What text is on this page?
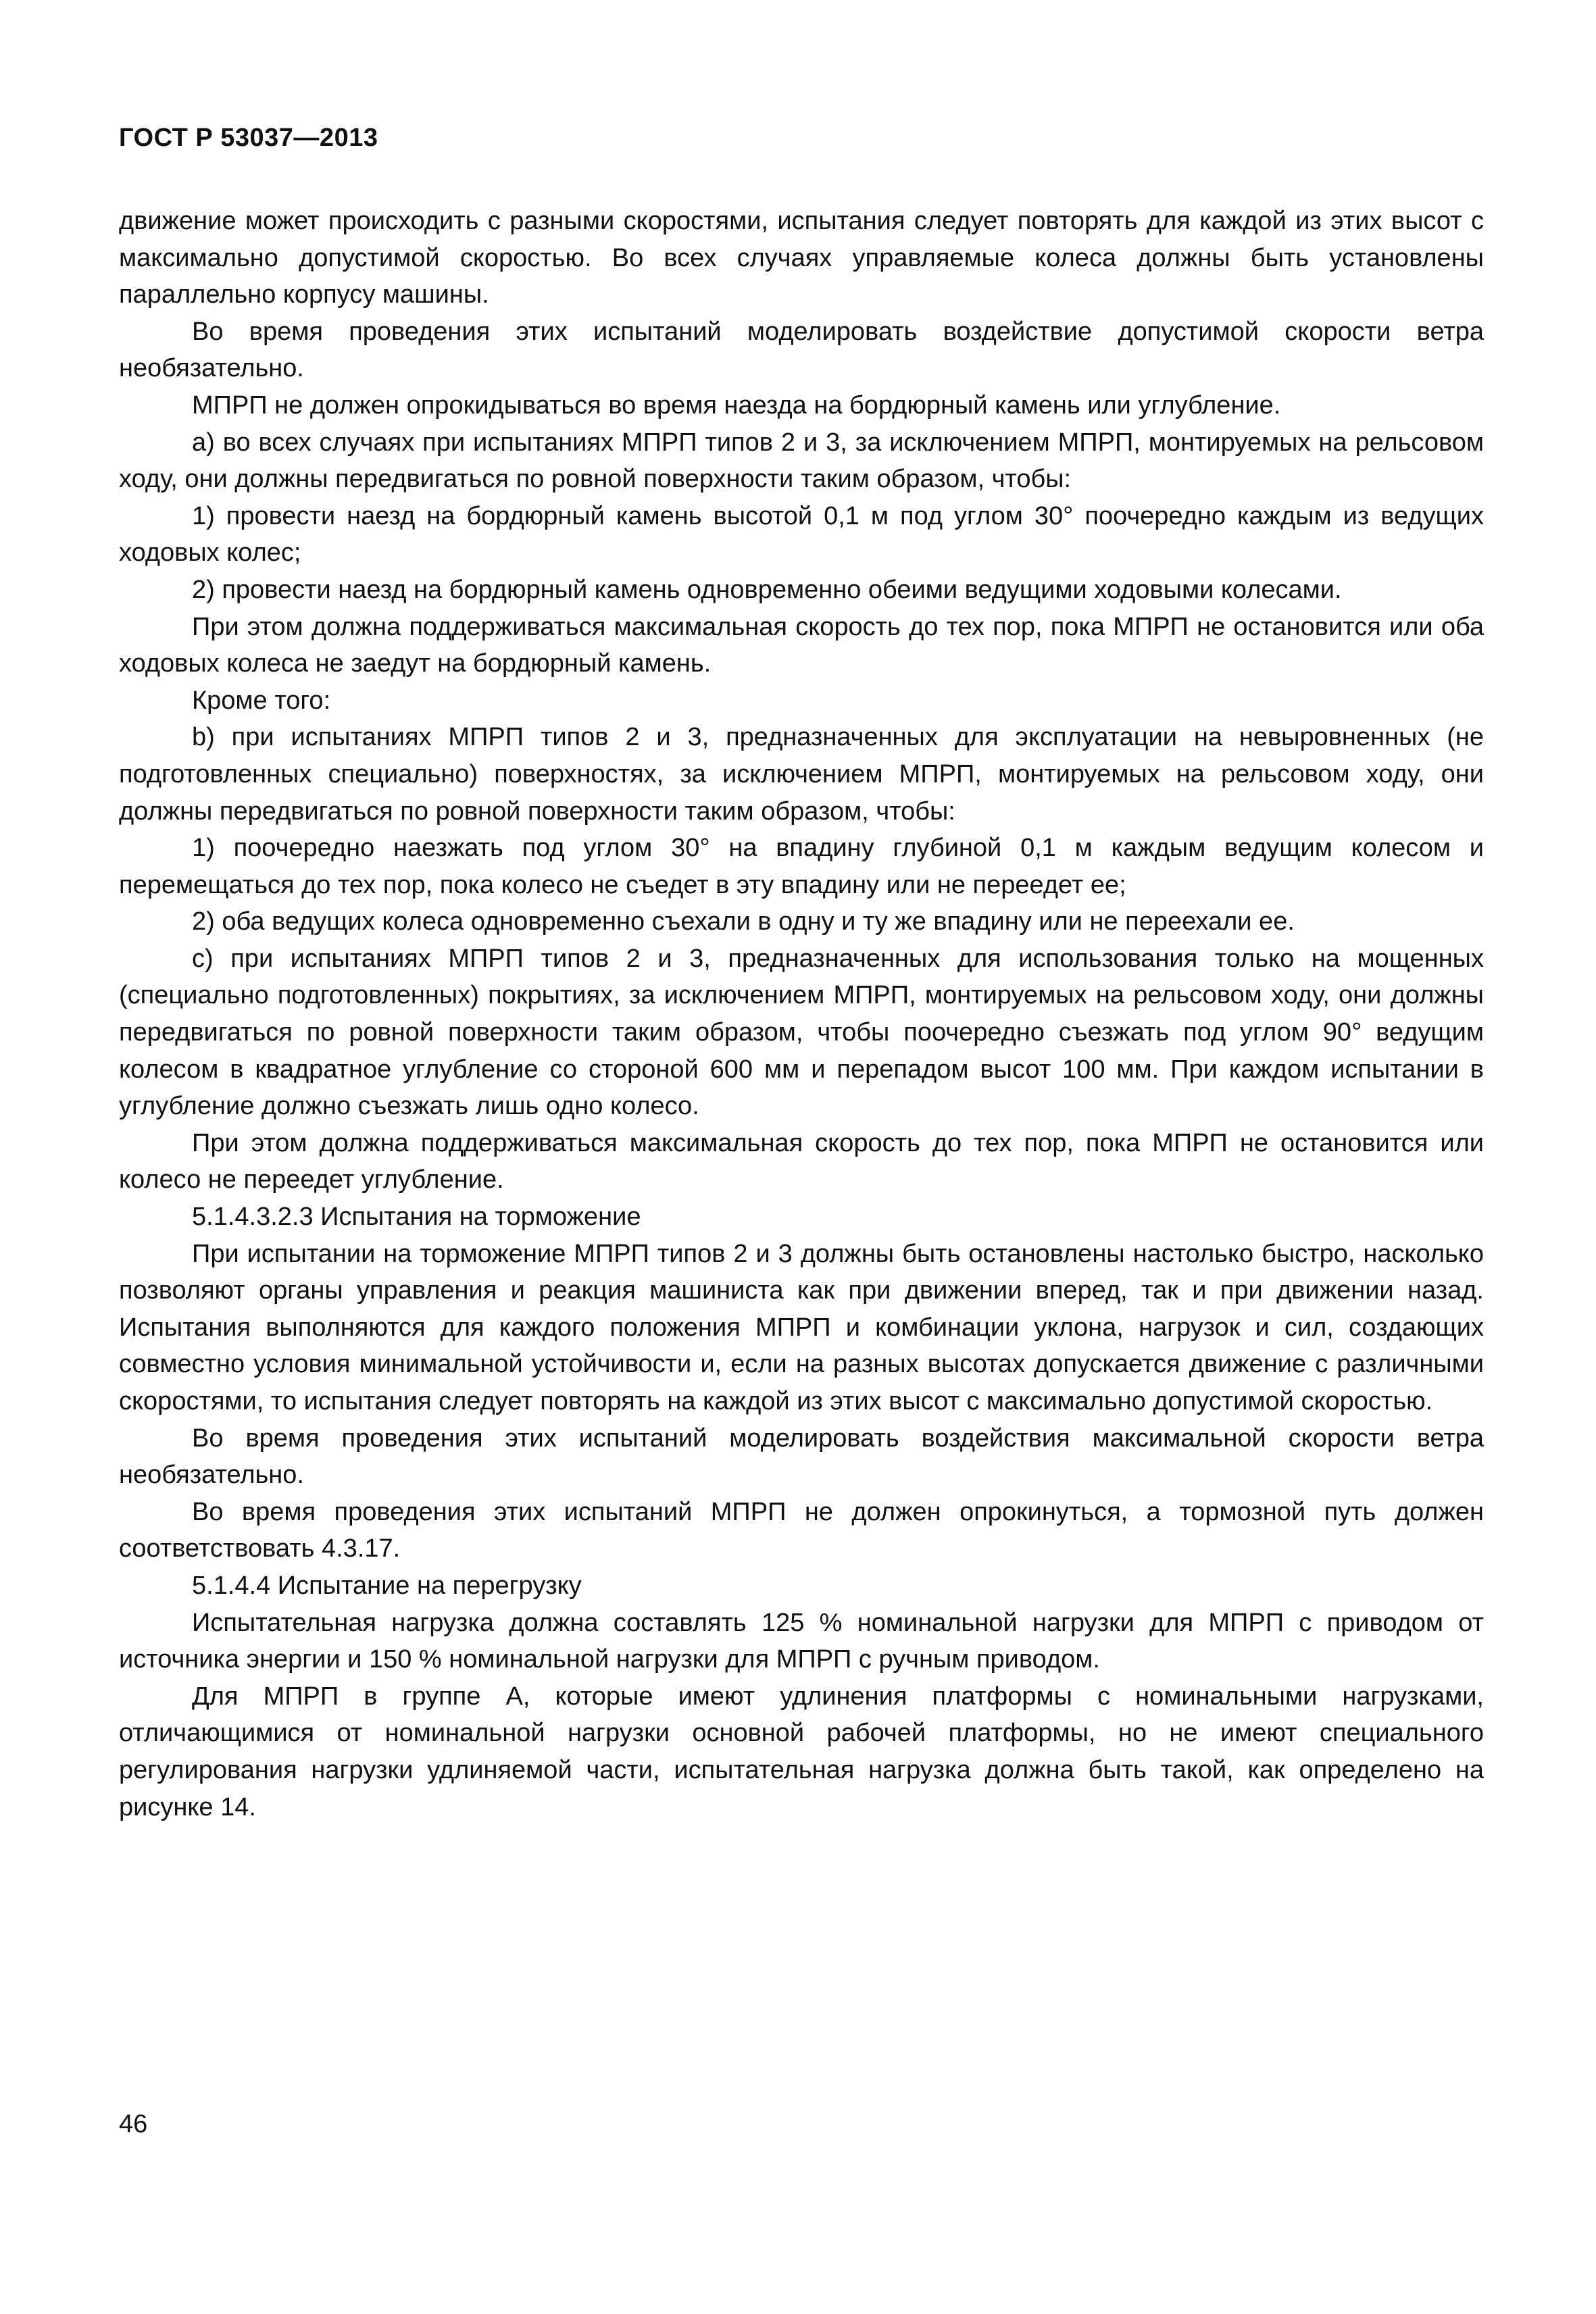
ГОСТ Р 53037—2013

движение может происходить с разными скоростями, испытания следует повторять для каждой из этих высот с максимально допустимой скоростью. Во всех случаях управляемые колеса должны быть установлены параллельно корпусу машины.

Во время проведения этих испытаний моделировать воздействие допустимой скорости ветра необязательно.

МПРП не должен опрокидываться во время наезда на бордюрный камень или углубление.

а) во всех случаях при испытаниях МПРП типов 2 и 3, за исключением МПРП, монтируемых на рельсовом ходу, они должны передвигаться по ровной поверхности таким образом, чтобы:

1) провести наезд на бордюрный камень высотой 0,1 м под углом 30° поочередно каждым из ведущих ходовых колес;

2) провести наезд на бордюрный камень одновременно обеими ведущими ходовыми колесами.

При этом должна поддерживаться максимальная скорость до тех пор, пока МПРП не остановится или оба ходовых колеса не заедут на бордюрный камень.

Кроме того:

b) при испытаниях МПРП типов 2 и 3, предназначенных для эксплуатации на невыровненных (не подготовленных специально) поверхностях, за исключением МПРП, монтируемых на рельсовом ходу, они должны передвигаться по ровной поверхности таким образом, чтобы:

1) поочередно наезжать под углом 30° на впадину глубиной 0,1 м каждым ведущим колесом и перемещаться до тех пор, пока колесо не съедет в эту впадину или не переедет ее;

2) оба ведущих колеса одновременно съехали в одну и ту же впадину или не переехали ее.

с) при испытаниях МПРП типов 2 и 3, предназначенных для использования только на мощенных (специально подготовленных) покрытиях, за исключением МПРП, монтируемых на рельсовом ходу, они должны передвигаться по ровной поверхности таким образом, чтобы поочередно съезжать под углом 90° ведущим колесом в квадратное углубление со стороной 600 мм и перепадом высот 100 мм. При каждом испытании в углубление должно съезжать лишь одно колесо.

При этом должна поддерживаться максимальная скорость до тех пор, пока МПРП не остановится или колесо не переедет углубление.

5.1.4.3.2.3 Испытания на торможение

При испытании на торможение МПРП типов 2 и 3 должны быть остановлены настолько быстро, насколько позволяют органы управления и реакция машиниста как при движении вперед, так и при движении назад. Испытания выполняются для каждого положения МПРП и комбинации уклона, нагрузок и сил, создающих совместно условия минимальной устойчивости и, если на разных высотах допускается движение с различными скоростями, то испытания следует повторять на каждой из этих высот с максимально допустимой скоростью.

Во время проведения этих испытаний моделировать воздействия максимальной скорости ветра необязательно.

Во время проведения этих испытаний МПРП не должен опрокинуться, а тормозной путь должен соответствовать 4.3.17.

5.1.4.4 Испытание на перегрузку

Испытательная нагрузка должна составлять 125 % номинальной нагрузки для МПРП с приводом от источника энергии и 150 % номинальной нагрузки для МПРП с ручным приводом.

Для МПРП в группе А, которые имеют удлинения платформы с номинальными нагрузками, отличающимися от номинальной нагрузки основной рабочей платформы, но не имеют специального регулирования нагрузки удлиняемой части, испытательная нагрузка должна быть такой, как определено на рисунке 14.

46
